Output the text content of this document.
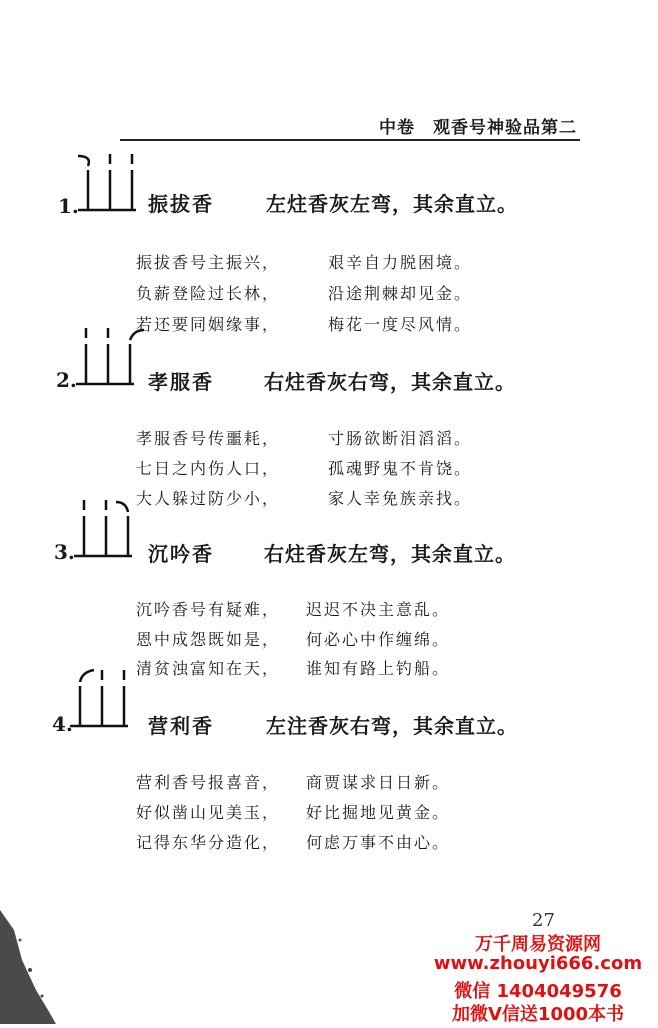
中卷　观香号神验品第二
1.	振拔香	左炷香灰左弯，其余直立。
振拔香号主振兴，	艰辛自力脱困境。
负薪登险过长林，	沿途荆棘却见金。
若还要同姻缘事，	梅花一度尽风情。
2.	孝服香	右炷香灰右弯，其余直立。
孝服香号传噩耗，	寸肠欲断泪滔滔。
七日之内伤人口，	孤魂野鬼不肯饶。
大人躲过防少小，	家人幸免族亲找。
3.	沉吟香	右炷香灰左弯，其余直立。
沉吟香号有疑难， 迟迟不决主意乱。
恩中成怨既如是， 何必心中作缠绵。
清贫浊富知在天， 谁知有路上钓船。
4.	营利香	左注香灰右弯，其余直立。
营利香号报喜音， 商贾谋求日日新。
好似凿山见美玉， 好比掘地见黄金。
记得东华分造化， 何虑万事不由心。
27
万千周易资源网
www.zhouyi666.com
微信 1404049576
加微V信送1000本书
